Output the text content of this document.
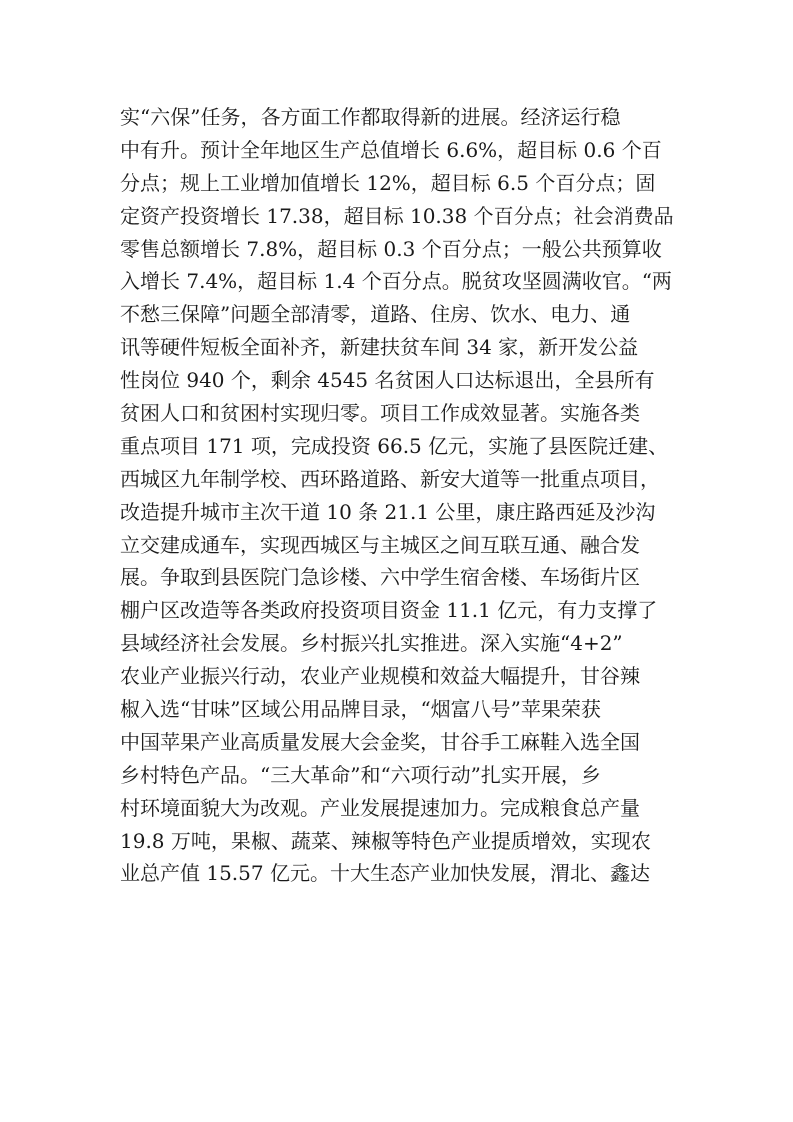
实“六保”任务，各方面工作都取得新的进展。经济运行稳
中有升。预计全年地区生产总值增长 6.6%，超目标 0.6 个百
分点；规上工业增加值增长 12%，超目标 6.5 个百分点；固
定资产投资增长 17.38，超目标 10.38 个百分点；社会消费品
零售总额增长 7.8%，超目标 0.3 个百分点；一般公共预算收
入增长 7.4%，超目标 1.4 个百分点。脱贫攻坚圆满收官。“两
不愁三保障”问题全部清零，道路、住房、饮水、电力、通
讯等硬件短板全面补齐，新建扶贫车间 34 家，新开发公益
性岗位 940 个，剩余 4545 名贫困人口达标退出，全县所有
贫困人口和贫困村实现归零。项目工作成效显著。实施各类
重点项目 171 项，完成投资 66.5 亿元，实施了县医院迁建、
西城区九年制学校、西环路道路、新安大道等一批重点项目，
改造提升城市主次干道 10 条 21.1 公里，康庄路西延及沙沟
立交建成通车，实现西城区与主城区之间互联互通、融合发
展。争取到县医院门急诊楼、六中学生宿舍楼、车场街片区
棚户区改造等各类政府投资项目资金 11.1 亿元，有力支撑了
县域经济社会发展。乡村振兴扎实推进。深入实施“4+2”
农业产业振兴行动，农业产业规模和效益大幅提升，甘谷辣
椒入选“甘味”区域公用品牌目录，“烟富八号”苹果荣获
中国苹果产业高质量发展大会金奖，甘谷手工麻鞋入选全国
乡村特色产品。“三大革命”和“六项行动”扎实开展，乡
村环境面貌大为改观。产业发展提速加力。完成粮食总产量
19.8 万吨，果椒、蔬菜、辣椒等特色产业提质增效，实现农
业总产值 15.57 亿元。十大生态产业加快发展，渭北、鑫达
